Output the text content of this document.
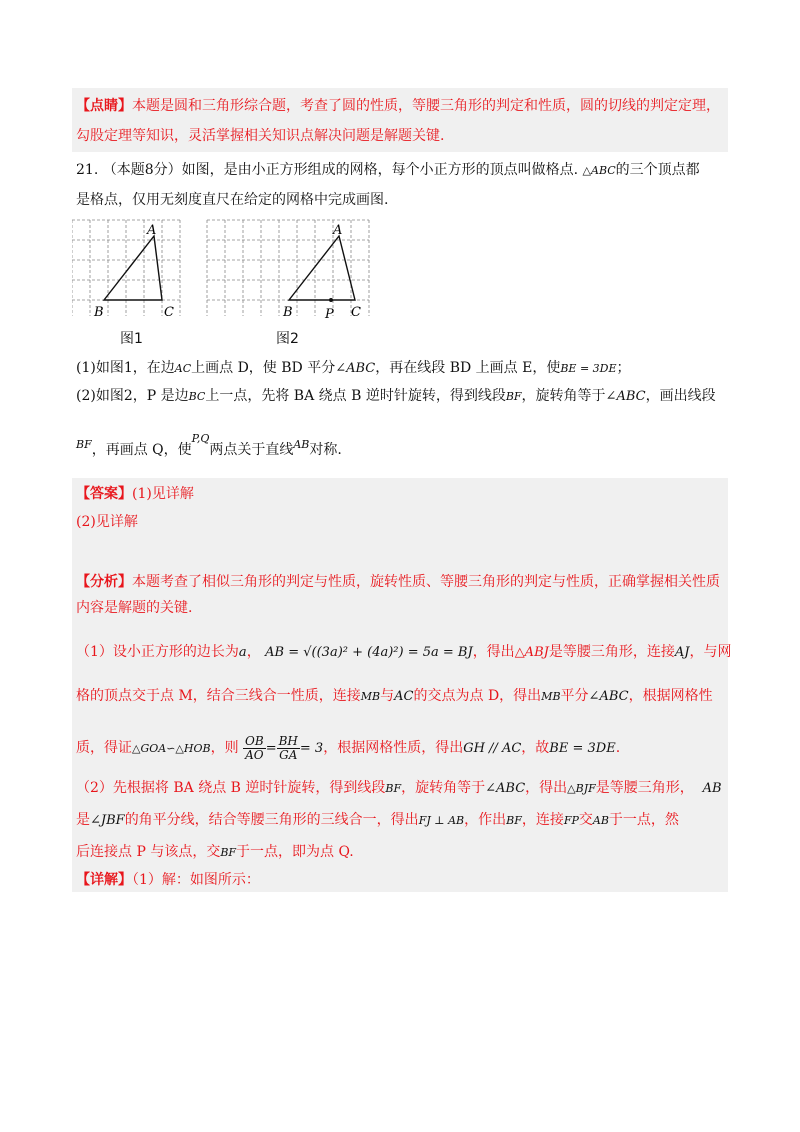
【点睛】本题是圆和三角形综合题，考查了圆的性质，等腰三角形的判定和性质，圆的切线的判定定理，
勾股定理等知识，灵活掌握相关知识点解决问题是解题关键.
21. （本题8分）如图，是由小正方形组成的网格，每个小正方形的顶点叫做格点. △ABC的三个顶点都
是格点，仅用无刻度直尺在给定的网格中完成画图.
A
B	C
图1
A
B P C
图2
(1)如图1，在边AC上画点 D，使 BD 平分∠ABC，再在线段 BD 上画点 E，使BE = 3DE；
(2)如图2，P 是边BC上一点，先将 BA 绕点 B 逆时针旋转，得到线段BF，旋转角等于∠ABC，画出线段
$^{BF}$，再画点 Q，使$^{P,Q}$两点关于直线$^{AB}$对称.
【答案】(1)见详解
(2)见详解
【分析】本题考查了相似三角形的判定与性质，旋转性质、等腰三角形的判定与性质，正确掌握相关性质
内容是解题的关键.
（1）设小正方形的边长为a， AB = √((3a)² + (4a)²) = 5a = BJ，得出△ABJ是等腰三角形，连接AJ，与网
格的顶点交于点 M，结合三线合一性质，连接MB与AC的交点为点 D，得出MB平分∠ABC，根据网格性
质，得证△GOA∽△HOB，则 $\frac{OB}{AO} = \frac{BH}{GA} = 3$，根据网格性质，得出GH // AC，故BE = 3DE.
（2）先根据将 BA 绕点 B 逆时针旋转，得到线段BF，旋转角等于∠ABC，得出△BJF是等腰三角形， AB
是∠JBF的角平分线，结合等腰三角形的三线合一，得出FJ ⊥ AB，作出BF，连接FP交AB于一点，然
后连接点 P 与该点，交BF于一点，即为点 Q.
【详解】（1）解：如图所示：
